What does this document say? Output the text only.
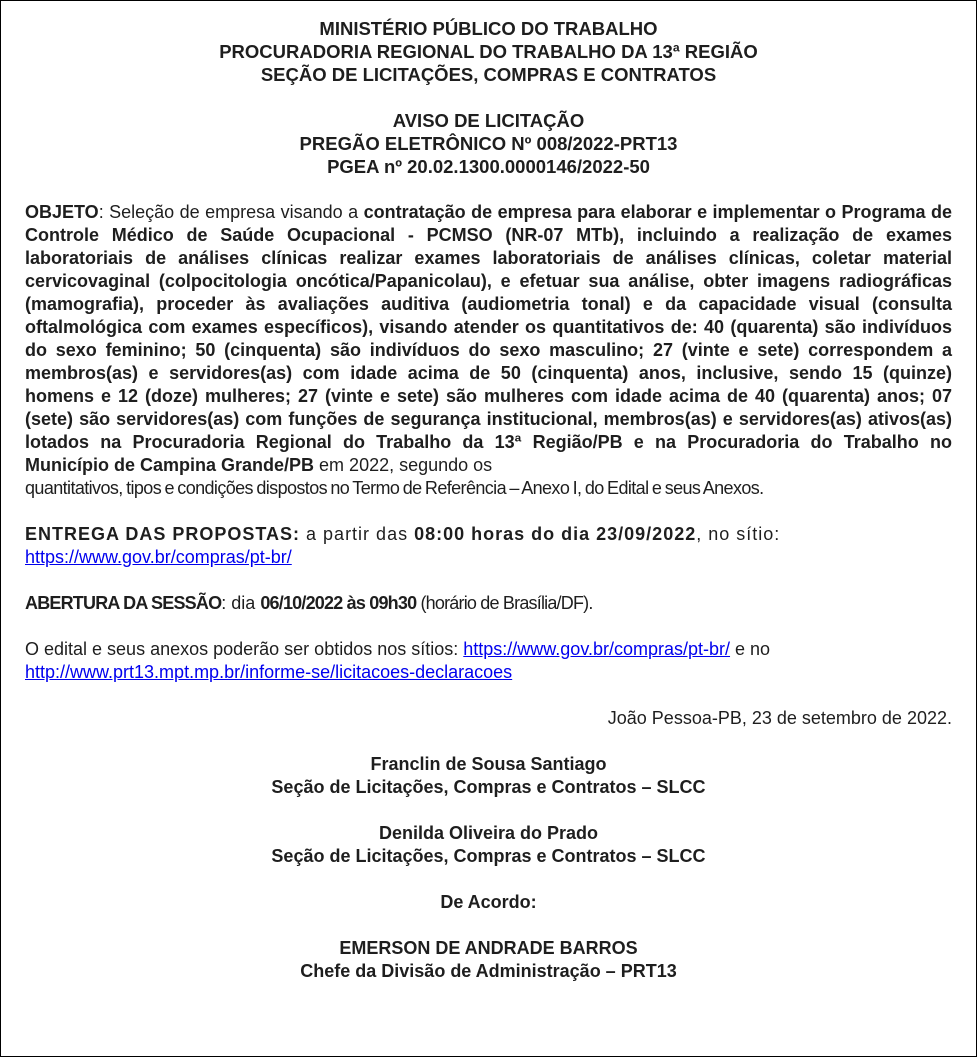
MINISTÉRIO PÚBLICO DO TRABALHO
PROCURADORIA REGIONAL DO TRABALHO DA 13ª REGIÃO
SEÇÃO DE LICITAÇÕES, COMPRAS E CONTRATOS
AVISO DE LICITAÇÃO
PREGÃO ELETRÔNICO Nº 008/2022-PRT13
PGEA nº 20.02.1300.0000146/2022-50
OBJETO: Seleção de empresa visando a contratação de empresa para elaborar e implementar o Programa de Controle Médico de Saúde Ocupacional - PCMSO (NR-07 MTb), incluindo a realização de exames laboratoriais de análises clínicas realizar exames laboratoriais de análises clínicas, coletar material cervicovaginal (colpocitologia oncótica/Papanicolau), e efetuar sua análise, obter imagens radiográficas (mamografia), proceder às avaliações auditiva (audiometria tonal) e da capacidade visual (consulta oftalmológica com exames específicos), visando atender os quantitativos de: 40 (quarenta) são indivíduos do sexo feminino; 50 (cinquenta) são indivíduos do sexo masculino; 27 (vinte e sete) correspondem a membros(as) e servidores(as) com idade acima de 50 (cinquenta) anos, inclusive, sendo 15 (quinze) homens e 12 (doze) mulheres; 27 (vinte e sete) são mulheres com idade acima de 40 (quarenta) anos; 07 (sete) são servidores(as) com funções de segurança institucional, membros(as) e servidores(as) ativos(as) lotados na Procuradoria Regional do Trabalho da 13ª Região/PB e na Procuradoria do Trabalho no Município de Campina Grande/PB em 2022, segundo os
quantitativos, tipos e condições dispostos no Termo de Referência – Anexo I, do Edital e seus Anexos.
ENTREGA DAS PROPOSTAS: a partir das 08:00 horas do dia 23/09/2022, no sítio:
https://www.gov.br/compras/pt-br/
ABERTURA DA SESSÃO: dia 06/10/2022 às 09h30 (horário de Brasília/DF).
O edital e seus anexos poderão ser obtidos nos sítios: https://www.gov.br/compras/pt-br/ e no
http://www.prt13.mpt.mp.br/informe-se/licitacoes-declaracoes
João Pessoa-PB, 23 de setembro de 2022.
Franclin de Sousa Santiago
Seção de Licitações, Compras e Contratos – SLCC
Denilda Oliveira do Prado
Seção de Licitações, Compras e Contratos – SLCC
De Acordo:
EMERSON DE ANDRADE BARROS
Chefe da Divisão de Administração – PRT13
